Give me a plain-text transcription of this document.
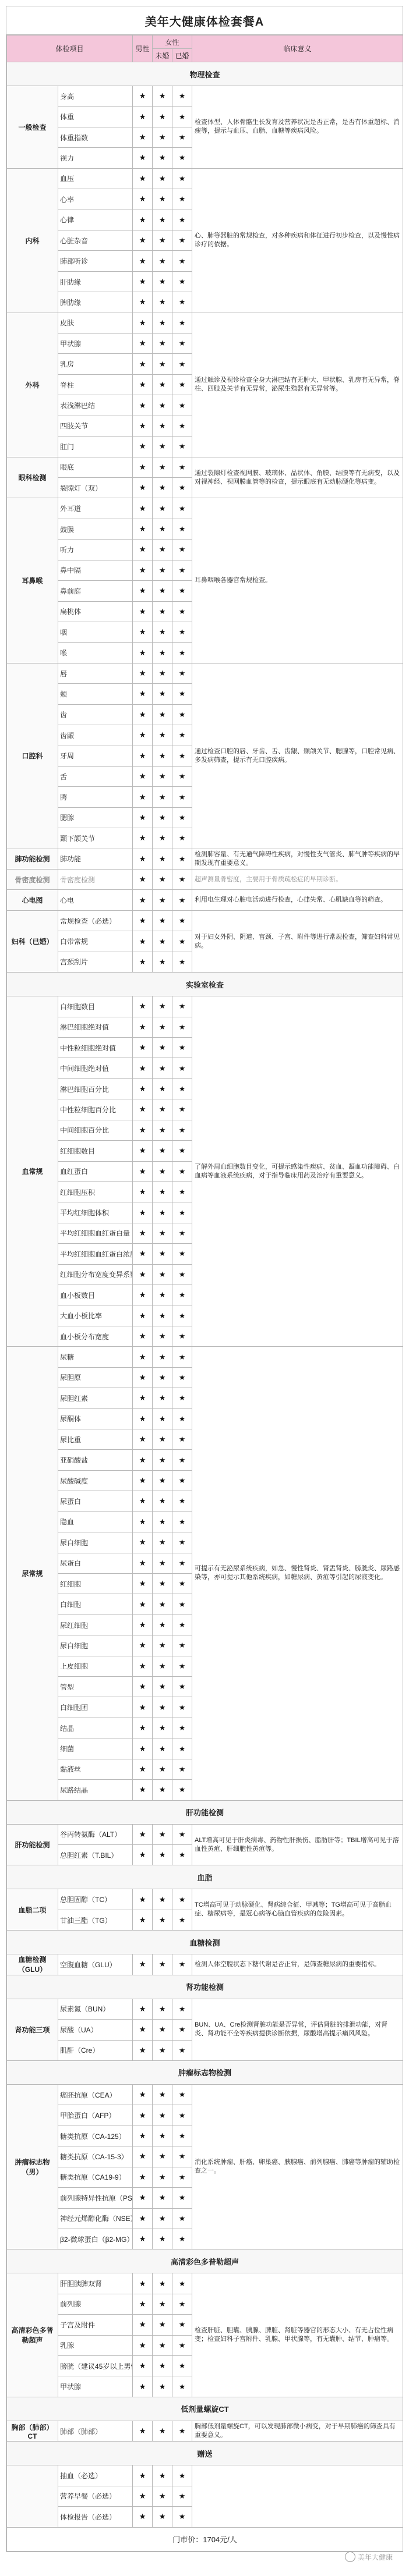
美年大健康体检套餐A
体检项目		男性	女性		临床意义
			未婚	已婚	
物理检查					
一般检查	身高	★	★	★	检查体型、人体骨骼生长发育及营养状况是否正常，是否有体重超标、消瘦等，提示与血压、血脂、血糖等疾病风险。
	体重	★	★	★	
	体重指数	★	★	★	
	视力	★	★	★	
内科	血压	★	★	★	心、肺等器脏的常规检查，对多种疾病和体征进行初步检查，以及慢性病诊疗的依据。
	心率	★	★	★	
	心律	★	★	★	
	心脏杂音	★	★	★	
	肺部听诊	★	★	★	
	肝肋缘	★	★	★	
	脾肋缘	★	★	★	
外科	皮肤	★	★	★	通过触诊及视诊检查全身大淋巴结有无肿大、甲状腺、乳房有无异常，脊柱、四肢及关节有无异常，泌尿生殖器有无异常等。
	甲状腺	★	★	★	
	乳房	★	★	★	
	脊柱	★	★	★	
	表浅淋巴结	★	★	★	
	四肢关节	★	★	★	
	肛门	★	★	★	
眼科检测	眼底	★	★	★	通过裂隙灯检查视网膜、玻璃体、晶状体、角膜、结膜等有无病变，以及对视神经、视网膜血管等的检查，提示眼底有无动脉硬化等病变。
	裂隙灯（双）	★	★	★	
耳鼻喉	外耳道	★	★	★	耳鼻咽喉各器官常规检查。
	鼓膜	★	★	★	
	听力	★	★	★	
	鼻中隔	★	★	★	
	鼻前庭	★	★	★	
	扁桃体	★	★	★	
	咽	★	★	★	
	喉	★	★	★	
口腔科	唇	★	★	★	通过检查口腔的唇、牙齿、舌、齿龈、颞颌关节、腮腺等，口腔常见病、多发病筛查，提示有无口腔疾病。
	颊	★	★	★	
	齿	★	★	★	
	齿龈	★	★	★	
	牙周	★	★	★	
	舌	★	★	★	
	腭	★	★	★	
	腮腺	★	★	★	
	颞下颌关节	★	★	★	
肺功能检测	肺功能	★	★	★	检测肺容量、有无通气障碍性疾病，对慢性支气管炎、肺气肿等疾病的早期发现有重要意义。
骨密度检测	骨密度检测	★	★	★	超声测量骨密度，主要用于骨质疏松症的早期诊断。
心电图	心电	★	★	★	利用电生理对心脏电活动进行检查，心律失常、心肌缺血等的筛查。
妇科（已婚）	常规检查（必选）	★	★	★	对于妇女外阴、阴道、宫颈、子宫、附件等进行常规检查，筛查妇科常见病。
	白带常规	★	★	★	
	宫颈刮片	★	★	★	
实验室检查					
血常规	白细胞数目	★	★	★	了解外周血细胞数目变化，可提示感染性疾病、贫血、凝血功能障碍、白血病等血液系统疾病，对于指导临床用药及治疗有重要意义。
	淋巴细胞绝对值	★	★	★	
	中性粒细胞绝对值	★	★	★	
	中间细胞绝对值	★	★	★	
	淋巴细胞百分比	★	★	★	
	中性粒细胞百分比	★	★	★	
	中间细胞百分比	★	★	★	
	红细胞数目	★	★	★	
	血红蛋白	★	★	★	
	红细胞压积	★	★	★	
	平均红细胞体积	★	★	★	
	平均红细胞血红蛋白量	★	★	★	
	平均红细胞血红蛋白浓度	★	★	★	
	红细胞分布宽度变异系数	★	★	★	
	血小板数目	★	★	★	
	大血小板比率	★	★	★	
	血小板分布宽度	★	★	★	
尿常规	尿糖	★	★	★	可提示有无泌尿系统疾病，如急、慢性肾炎、肾盂肾炎、膀胱炎、尿路感染等，亦可提示其他系统疾病，如糖尿病、黄疸等引起的尿液变化。
	尿胆原	★	★	★	
	尿胆红素	★	★	★	
	尿酮体	★	★	★	
	尿比重	★	★	★	
	亚硝酸盐	★	★	★	
	尿酸碱度	★	★	★	
	尿蛋白	★	★	★	
	隐血	★	★	★	
	尿白细胞	★	★	★	
	尿蛋白	★	★	★	
	红细胞	★	★	★	
	白细胞	★	★	★	
	尿红细胞	★	★	★	
	尿白细胞	★	★	★	
	上皮细胞	★	★	★	
	管型	★	★	★	
	白细胞团	★	★	★	
	结晶	★	★	★	
	细菌	★	★	★	
	黏液丝	★	★	★	
	尿路结晶	★	★	★	
肝功能检测					
肝功能检测	谷丙转氨酶（ALT）	★	★	★	ALT增高可见于肝炎病毒、药物性肝损伤、脂肪肝等；TBIL增高可见于溶血性黄疸、肝细胞性黄疸等。
	总胆红素（T.BIL）	★	★	★	
血脂					
血脂二项	总胆固醇（TC）	★	★	★	TC增高可见于动脉硬化、肾病综合征、甲减等；TG增高可见于高脂血症、糖尿病等，是冠心病等心脑血管疾病的危险因素。
	甘油三酯（TG）	★	★	★	
血糖检测					
血糖检测（GLU）	空腹血糖（GLU）	★	★	★	检测人体空腹状态下糖代谢是否正常，是筛查糖尿病的重要指标。
肾功能检测					
肾功能三项	尿素氮（BUN）	★	★	★	BUN、UA、Cre检测肾脏功能是否异常，评估肾脏的排泄功能，对肾炎、肾功能不全等疾病提供诊断依据，尿酸增高提示痛风风险。
	尿酸（UA）	★	★	★	
	肌酐（Cre）	★	★	★	
肿瘤标志物检测					
肿瘤标志物（男）	癌胚抗原（CEA）	★	★	★	消化系统肿瘤、肝癌、卵巢癌、胰腺癌、前列腺癌、肺癌等肿瘤的辅助检查之一。
	甲胎蛋白（AFP）	★	★	★	
	糖类抗原（CA-125）	★	★	★	
	糖类抗原（CA-15-3）	★	★	★	
	糖类抗原（CA19-9）	★	★	★	
	前列腺特异性抗原（PS	★	★	★	
	神经元烯醇化酶（NSE）	★	★	★	
	β2-微球蛋白（β2-MG）	★	★	★	
高清彩色多普勒超声					
高清彩色多普勒超声	肝胆胰脾双肾	★	★	★	检查肝脏、胆囊、胰腺、脾脏、肾脏等器官的形态大小、有无占位性病变；检查妇科子宫附件、乳腺、甲状腺等，有无囊肿、结节、肿瘤等。
	前列腺	★	★	★	
	子宫及附件	★	★	★	
	乳腺	★	★	★	
	膀胱（建议45岁以上男	★	★	★	
	甲状腺	★	★	★	
低剂量螺旋CT					
胸部（肺部）CT	肺部（肺部）	★	★	★	胸部低剂量螺旋CT，可以发现肺部微小病变，对于早期肺癌的筛查具有重要意义。
赠送					
	抽血（必选）	★	★	★	
	营养早餐（必选）	★	★	★	
	体检报告（必选）	★	★	★	
门市价：1704元/人					
美年大健康
